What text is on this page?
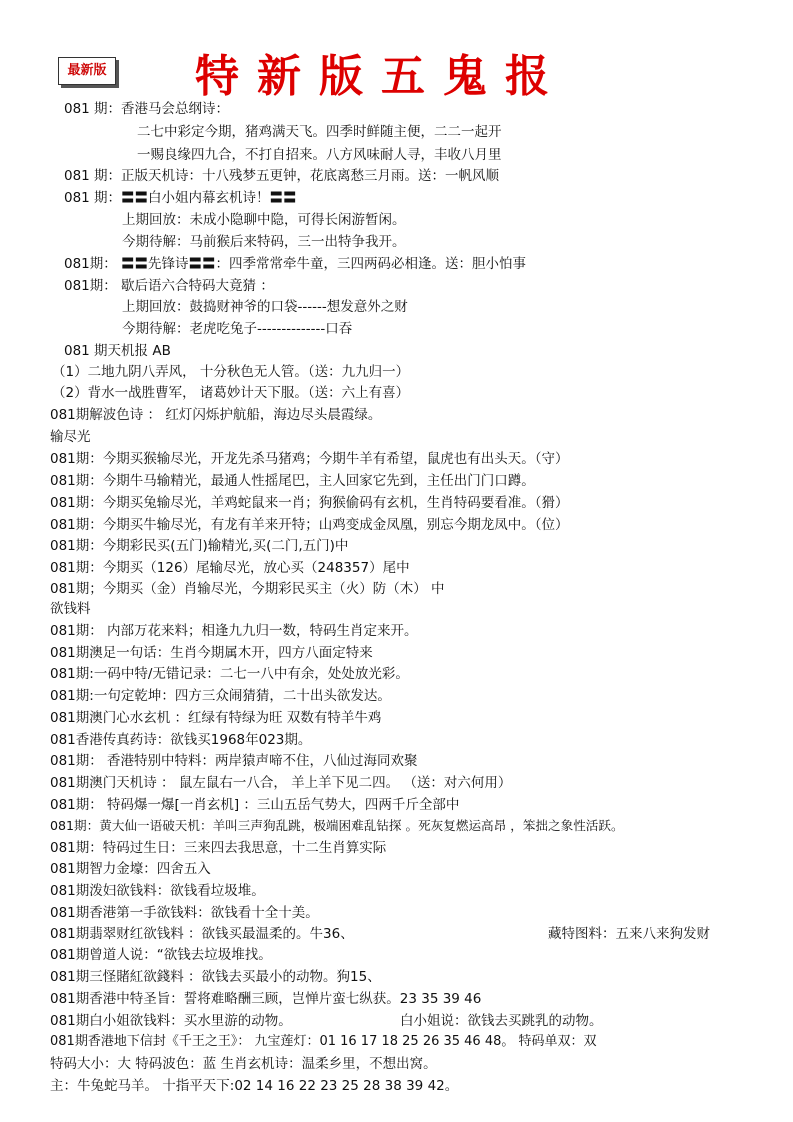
最新版 特新版五鬼报
081 期：香港马会总纲诗：
二七中彩定今期，猪鸡满天飞。四季时鲜随主便，二二一起开
一赐良缘四九合，不打自招来。八方风味耐人寻，丰收八月里
081 期：正版天机诗：十八残梦五更钟，花底离愁三月雨。送：一帆风顺
081 期：〓〓白小姐内幕玄机诗！〓〓
上期回放：未成小隐聊中隐，可得长闲游暂闲。
今期待解：马前猴后来特码，三一出特争我开。
081期： 〓〓先锋诗〓〓：四季常常牵牛童，三四两码必相逢。送：胆小怕事
081期： 歇后语六合特码大竟猜 ：
上期回放：鼓捣财神爷的口袋------想发意外之财
今期待解：老虎吃兔子--------------口吞
081 期天机报 AB
（1）二地九阴八弄风， 十分秋色无人管。（送：九九归一）
（2）背水一战胜曹军， 诸葛妙计天下服。（送：六上有喜）
081期解波色诗 ： 红灯闪烁护航船，海边尽头晨霞绿。
输尽光
081期：今期买猴输尽光，开龙先杀马猪鸡；今期牛羊有希望，鼠虎也有出头天。（守）
081期：今期牛马输精光，最通人性摇尾巴，主人回家它先到，主任出门门口蹲。
081期：今期买兔输尽光，羊鸡蛇鼠来一肖；狗猴偷码有玄机，生肖特码要看准。（猾）
081期：今期买牛输尽光，有龙有羊来开特；山鸡变成金凤凰，别忘今期龙凤中。（位）
081期：今期彩民买(五门)输精光,买(二门,五门)中
081期：今期买（126）尾输尽光，放心买（248357）尾中
081期；今期买（金）肖输尽光，今期彩民买主（火）防（木） 中
欲钱料
081期： 内部万花来料；相逢九九归一数，特码生肖定来开。
081期澳足一句话：生肖今期属木开，四方八面定特来
081期:一码中特/无错记录：二七一八中有余，处处放光彩。
081期:一句定乾坤：四方三众闹猜猜，二十出头欲发达。
081期澳门心水玄机 ：红绿有特绿为旺 双数有特羊牛鸡
081香港传真药诗：欲钱买1968年023期。
081期： 香港特别中特料：两岸猿声啼不住，八仙过海同欢聚
081期澳门天机诗 ： 鼠左鼠右一八合， 羊上羊下见二四。 （送：对六何用）
081期： 特码爆一爆[一肖玄机] ：三山五岳气势大，四两千斤全部中
081期：黄大仙一语破天机：羊叫三声狗乱跳，极端困难乱钻探 。死灰复燃运高昂 ，笨拙之象性活跃。
081期：特码过生日：三来四去我思意，十二生肖算实际
081期智力金壕：四舍五入
081期泼妇欲钱料：欲钱看垃圾堆。
081期香港第一手欲钱料：欲钱看十全十美。
081期翡翠财红欲钱料 ：欲钱买最温柔的。牛36、	藏特图料：五来八来狗发财
081期曾道人说：“欲钱去垃圾堆找。
081期三怪賭紅欲錢料 ：欲钱去买最小的动物。狗15、
081期香港中特圣旨：誓将难略酬三顾，岂惮片蛮七纵获。23 35 39 46
081期白小姐欲钱料：买水里游的动物。	白小姐说：欲钱去买跳乳的动物。
081期香港地下信封《千王之王》： 九宝莲灯：01 16 17 18 25 26 35 46 48。 特码单双：双
特码大小：大 特码波色：蓝 生肖玄机诗：温柔乡里，不想出窝。
主：牛兔蛇马羊。 十指平天下:02 14 16 22 23 25 28 38 39 42。
